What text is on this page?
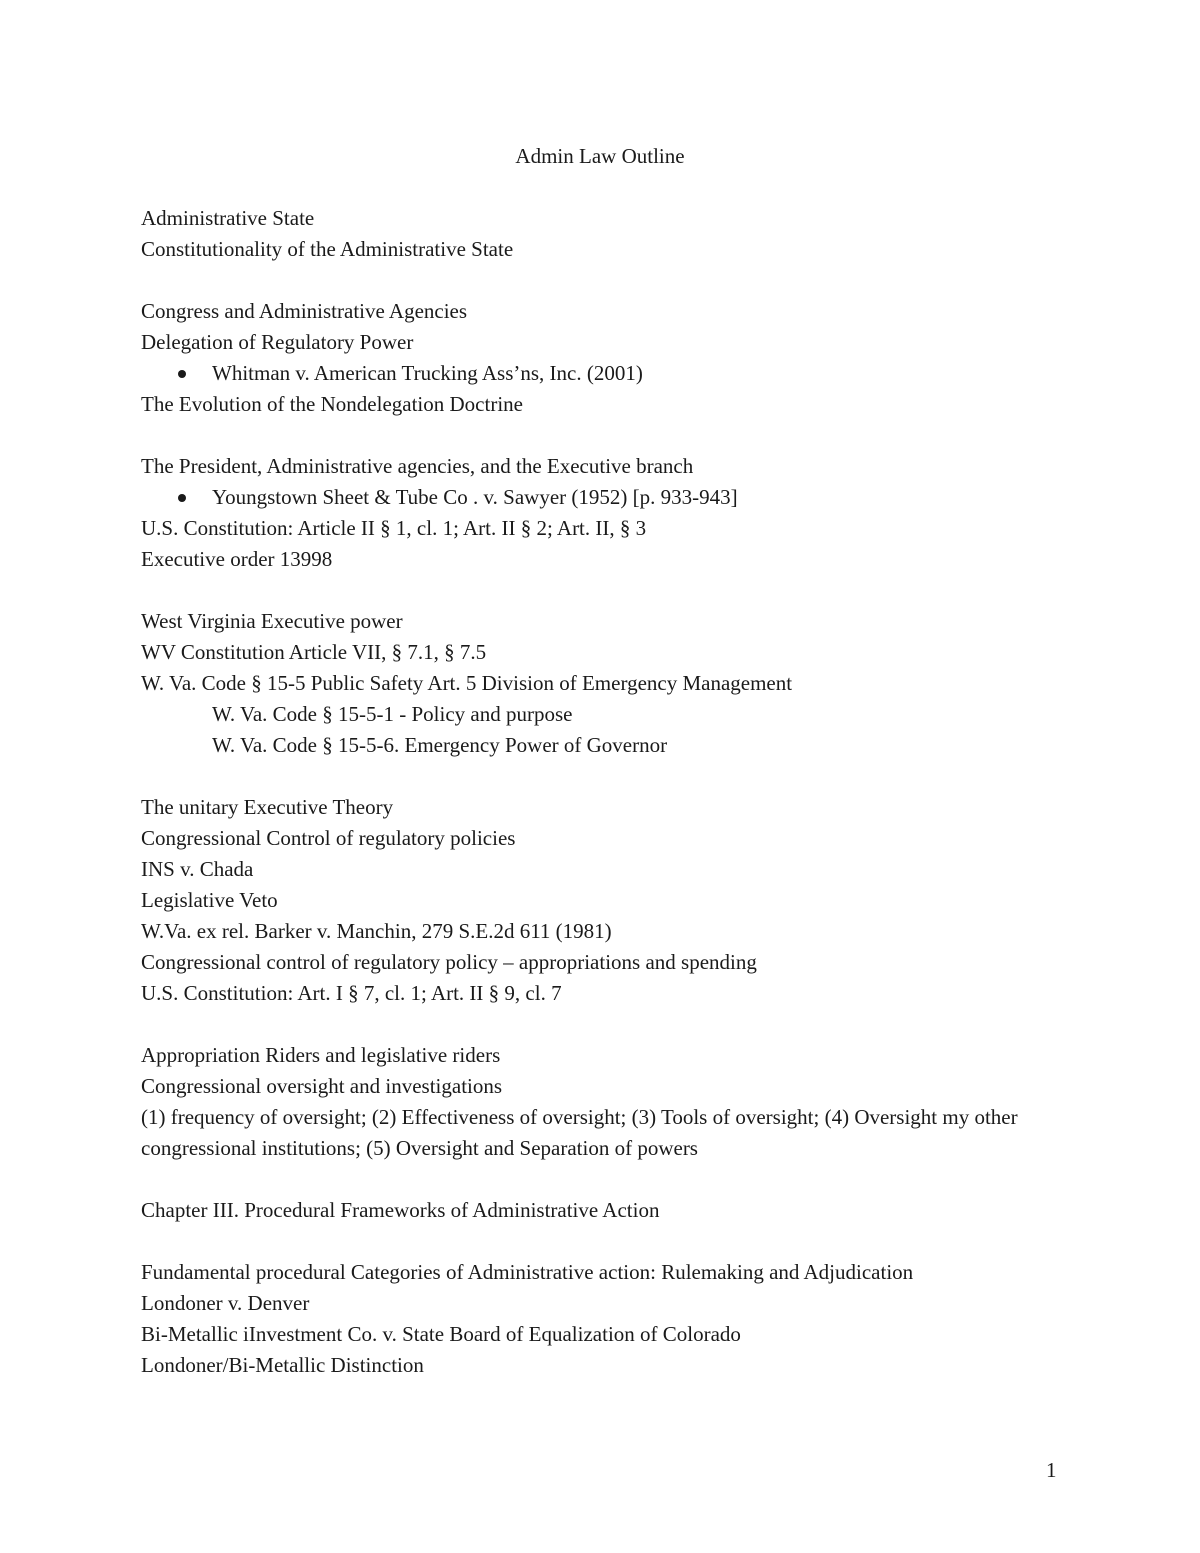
Admin Law Outline
Administrative State
Constitutionality of the Administrative State
Congress and Administrative Agencies
Delegation of Regulatory Power
Whitman v. American Trucking Ass’ns, Inc. (2001)
The Evolution of the Nondelegation Doctrine
The President, Administrative agencies, and the Executive branch
Youngstown Sheet & Tube Co . v. Sawyer (1952) [p. 933-943]
U.S. Constitution: Article II § 1, cl. 1; Art. II § 2; Art. II, § 3
Executive order 13998
West Virginia Executive power
WV Constitution Article VII, § 7.1, § 7.5
W. Va. Code § 15-5 Public Safety Art. 5 Division of Emergency Management
W. Va. Code § 15-5-1 - Policy and purpose
W. Va. Code § 15-5-6. Emergency Power of Governor
The unitary Executive Theory
Congressional Control of regulatory policies
INS v. Chada
Legislative Veto
W.Va. ex rel. Barker v. Manchin, 279 S.E.2d 611 (1981)
Congressional control of regulatory policy – appropriations and spending
U.S. Constitution: Art. I § 7, cl. 1; Art. II § 9, cl. 7
Appropriation Riders and legislative riders
Congressional oversight and investigations
(1) frequency of oversight; (2) Effectiveness of oversight; (3) Tools of oversight; (4) Oversight my other congressional institutions; (5) Oversight and Separation of powers
Chapter III. Procedural Frameworks of Administrative Action
Fundamental procedural Categories of Administrative action: Rulemaking and Adjudication
Londoner v. Denver
Bi-Metallic iInvestment Co. v. State Board of Equalization of Colorado
Londoner/Bi-Metallic Distinction
1
